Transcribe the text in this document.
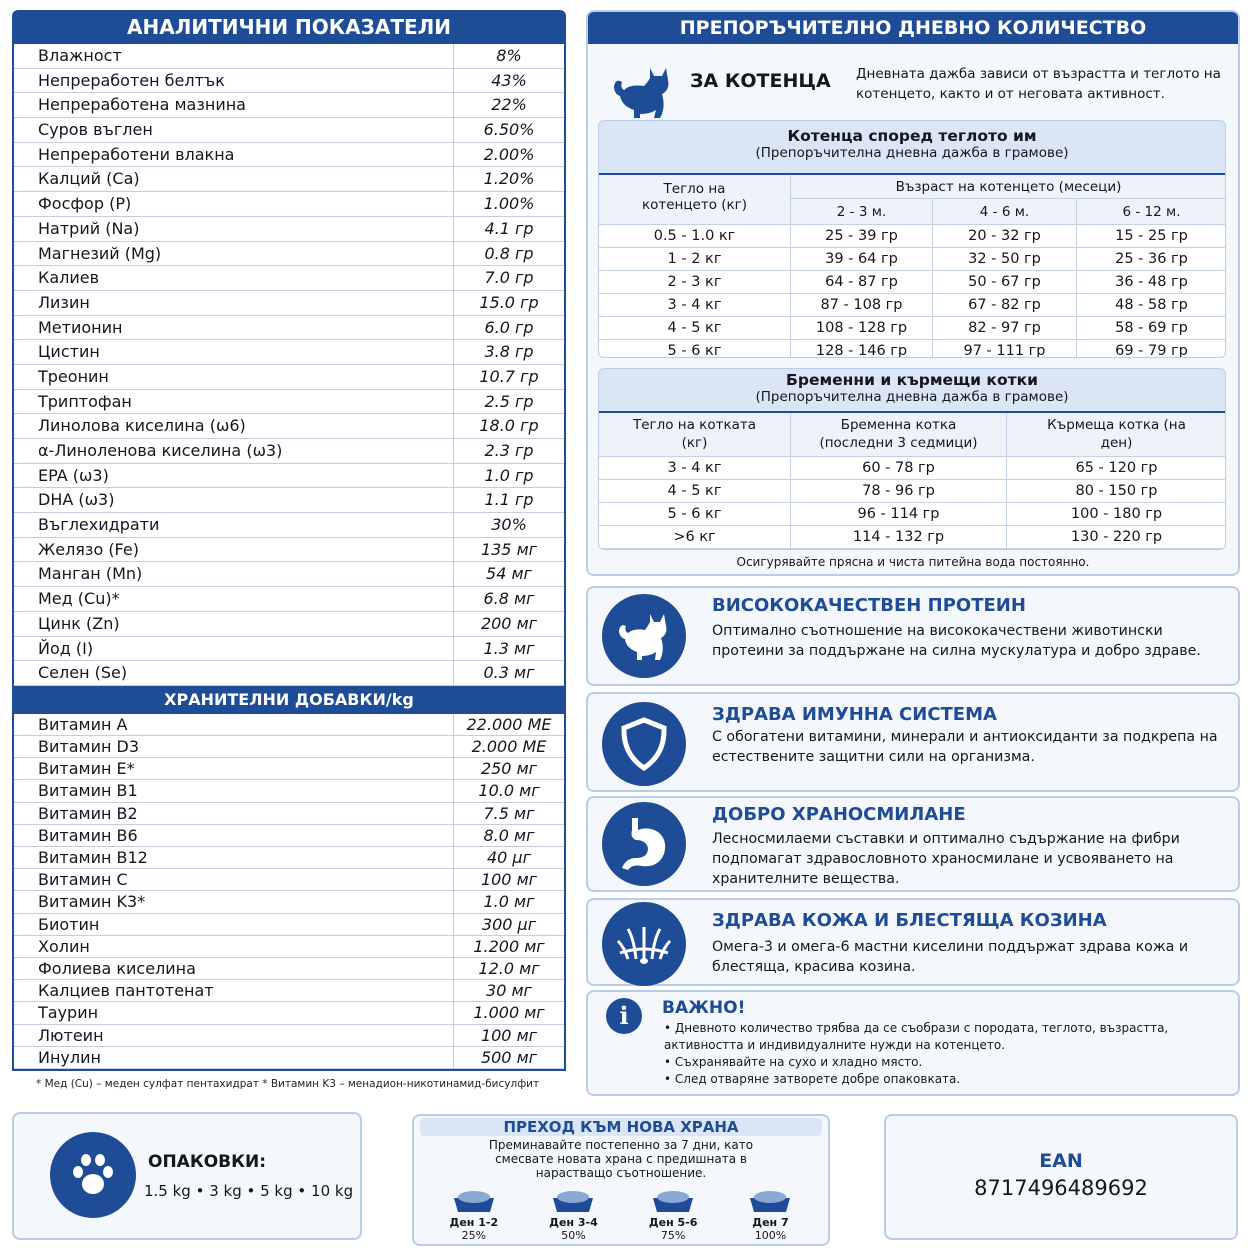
АНАЛИТИЧНИ ПОКАЗАТЕЛИ
Влажност	8%
Непреработен белтък	43%
Непреработена мазнина	22%
Суров въглен	6.50%
Непреработени влакна	2.00%
Калций (Ca)	1.20%
Фосфор (P)	1.00%
Натрий (Na)	4.1 гр
Магнезий (Mg)	0.8 гр
Калиев	7.0 гр
Лизин	15.0 гр
Метионин	6.0 гр
Цистин	3.8 гр
Треонин	10.7 гр
Триптофан	2.5 гр
Линолова киселина (ω6)	18.0 гр
α-Линоленова киселина (ω3)	2.3 гр
EPA (ω3)	1.0 гр
DHA (ω3)	1.1 гр
Въглехидрати	30%
Желязо (Fe)	135 мг
Манган (Mn)	54 мг
Мед (Cu)*	6.8 мг
Цинк (Zn)	200 мг
Йод (I)	1.3 мг
Селен (Se)	0.3 мг
ХРАНИТЕЛНИ ДОБАВКИ/kg
Витамин A	22.000 МЕ
Витамин D3	2.000 МЕ
Витамин E*	250 мг
Витамин B1	10.0 мг
Витамин B2	7.5 мг
Витамин B6	8.0 мг
Витамин B12	40 μг
Витамин C	100 мг
Витамин K3*	1.0 мг
Биотин	300 μг
Холин	1.200 мг
Фолиева киселина	12.0 мг
Калциев пантотенат	30 мг
Таурин	1.000 мг
Лютеин	100 мг
Инулин	500 мг
* Мед (Cu) – меден сулфат пентахидрат * Витамин K3 – менадион-никотинамид-бисулфит
ПРЕПОРЪЧИТЕЛНО ДНЕВНО КОЛИЧЕСТВО
ЗА КОТЕНЦА Дневната дажба зависи от възрастта и теглото на котенцето, както и от неговата активност.
Котенца според теглото им
(Препоръчителна дневна дажба в грамове)
Тегло на котенцето (кг)
Възраст на котенцето (месеци)
2 - 3 м.	4 - 6 м.	6 - 12 м.
0.5 - 1.0 кг	25 - 39 гр	20 - 32 гр	15 - 25 гр
1 - 2 кг	39 - 64 гр	32 - 50 гр	25 - 36 гр
2 - 3 кг	64 - 87 гр	50 - 67 гр	36 - 48 гр
3 - 4 кг	87 - 108 гр	67 - 82 гр	48 - 58 гр
4 - 5 кг	108 - 128 гр	82 - 97 гр	58 - 69 гр
5 - 6 кг	128 - 146 гр	97 - 111 гр	69 - 79 гр
Бременни и кърмещи котки
(Препоръчителна дневна дажба в грамове)
Тегло на котката (кг)
Бременна котка (последни 3 седмици)
Кърмеща котка (на ден)
3 - 4 кг	60 - 78 гр	65 - 120 гр
4 - 5 кг	78 - 96 гр	80 - 150 гр
5 - 6 кг	96 - 114 гр	100 - 180 гр
>6 кг	114 - 132 гр	130 - 220 гр
Осигурявайте прясна и чиста питейна вода постоянно.
ВИСОКОКАЧЕСТВЕН ПРОТЕИН
Оптимално съотношение на висококачествени животински протеини за поддържане на силна мускулатура и добро здраве.
ЗДРАВА ИМУННА СИСТЕМА
С обогатени витамини, минерали и антиоксиданти за подкрепа на естествените защитни сили на организма.
ДОБРО ХРАНОСМИЛАНЕ
Лесносмилаеми съставки и оптимално съдържание на фибри подпомагат здравословното храносмилане и усвояването на хранителните вещества.
ЗДРАВА КОЖА И БЛЕСТЯЩА КОЗИНА
Омега-3 и омега-6 мастни киселини поддържат здрава кожа и блестяща, красива козина.
i	ВАЖНО!
• Дневното количество трябва да се съобрази с породата, теглото, възрастта, активността и индивидуалните нужди на котенцето.
• Съхранявайте на сухо и хладно място.
• След отваряне затворете добре опаковката.
ОПАКОВКИ:
1.5 kg • 3 kg • 5 kg • 10 kg
ПРЕХОД КЪМ НОВА ХРАНА
Преминавайте постепенно за 7 дни, като смесвате новата храна с предишната в нарастващо съотношение.
Ден 1-2
25%
Ден 3-4
50%
Ден 5-6
75%
Ден 7
100%
EAN
8717496489692
